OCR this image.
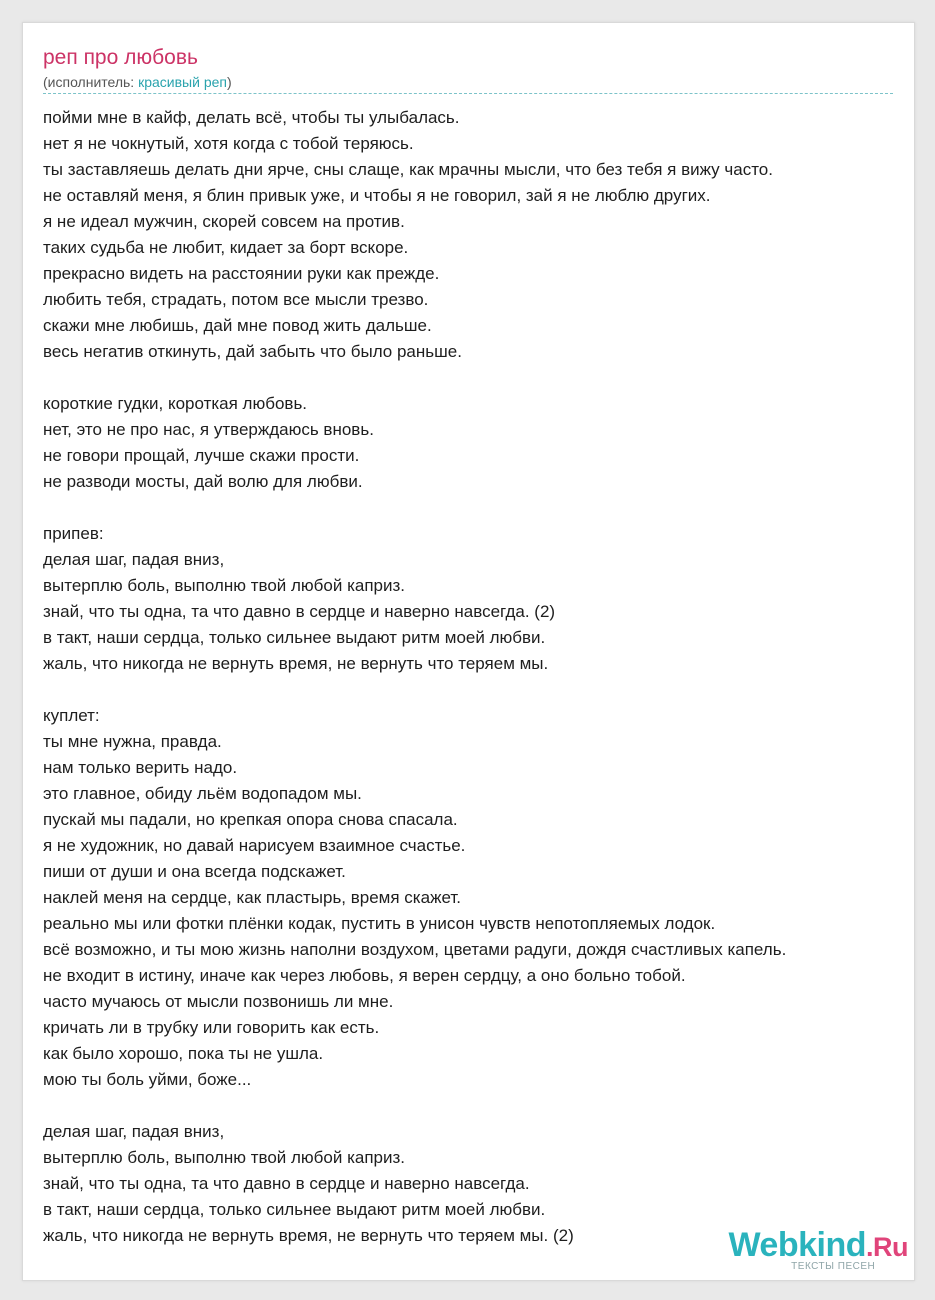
реп про любовь
(исполнитель: красивый реп)
пойми мне в кайф, делать всё, чтобы ты улыбалась.
нет я не чокнутый, хотя когда с тобой теряюсь.
ты заставляешь делать дни ярче, сны слаще, как мрачны мысли, что без тебя я вижу часто.
не оставляй меня, я блин привык уже, и чтобы я не говорил, зай я не люблю других.
я не идеал мужчин, скорей совсем на против.
таких судьба не любит, кидает за борт вскоре.
прекрасно видеть на расстоянии руки как прежде.
любить тебя, страдать, потом все мысли трезво.
скажи мне любишь, дай мне повод жить дальше.
весь негатив откинуть, дай забыть что было раньше.
короткие гудки, короткая любовь.
нет, это не про нас, я утверждаюсь вновь.
не говори прощай, лучше скажи прости.
не разводи мосты, дай волю для любви.
припев:
делая шаг, падая вниз,
вытерплю боль, выполню твой любой каприз.
знай, что ты одна, та что давно в сердце и наверно навсегда. (2)
в такт, наши сердца, только сильнее выдают ритм моей любви.
жаль, что никогда не вернуть время, не вернуть что теряем мы.
куплет:
ты мне нужна, правда.
нам только верить надо.
это главное, обиду льём водопадом мы.
пускай мы падали, но крепкая опора снова спасала.
я не художник, но давай нарисуем взаимное счастье.
пиши от души и она всегда подскажет.
наклей меня на сердце, как пластырь, время скажет.
реально мы или фотки плёнки кодак, пустить в унисон чувств непотопляемых лодок.
всё возможно, и ты мою жизнь наполни воздухом, цветами радуги, дождя счастливых капель.
не входит в истину, иначе как через любовь, я верен сердцу, а оно больно тобой.
часто мучаюсь от мысли позвонишь ли мне.
кричать ли в трубку или говорить как есть.
как было хорошо, пока ты не ушла.
мою ты боль уйми, боже...
делая шаг, падая вниз,
вытерплю боль, выполню твой любой каприз.
знай, что ты одна, та что давно в сердце и наверно навсегда.
в такт, наши сердца, только сильнее выдают ритм моей любви.
жаль, что никогда не вернуть время, не вернуть что теряем мы. (2)	Webkind.Ru
ТЕКСТЫ ПЕСЕН
